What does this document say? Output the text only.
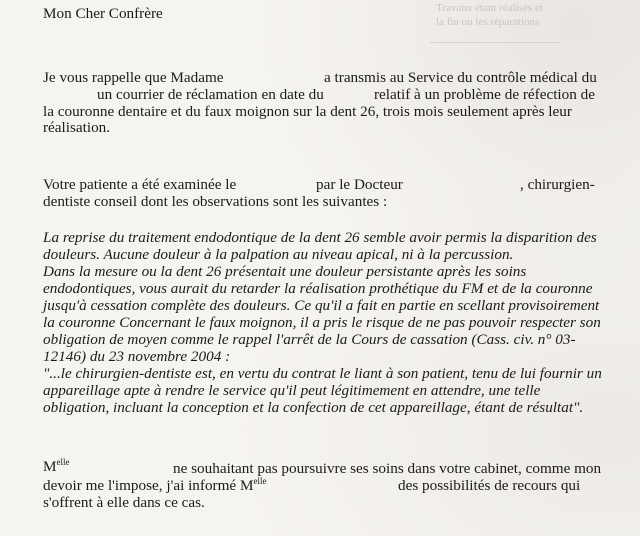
Travaux étant réalisés et
la fin ou les réparations
Mon Cher Confrère
Je vous rappelle que Madame	a transmis au Service du contrôle médical du
un courrier de réclamation en date du	relatif à un problème de réfection de
la couronne dentaire et du faux moignon sur la dent 26, trois mois seulement après leur
réalisation.
Votre patiente a été examinée le	par le Docteur	, chirurgien-
dentiste conseil dont les observations sont les suivantes :
La reprise du traitement endodontique de la dent 26 semble avoir permis la disparition des
douleurs. Aucune douleur à la palpation au niveau apical, ni à la percussion.
Dans la mesure ou la dent 26 présentait une douleur persistante après les soins
endodontiques, vous aurait du retarder la réalisation prothétique du FM et de la couronne
jusqu'à cessation complète des douleurs. Ce qu'il a fait en partie en scellant provisoirement
la couronne Concernant le faux moignon, il a pris le risque de ne pas pouvoir respecter son
obligation de moyen comme le rappel l'arrêt de la Cours de cassation (Cass. civ. n° 03-
12146) du 23 novembre 2004 :
"...le chirurgien-dentiste est, en vertu du contrat le liant à son patient, tenu de lui fournir un
appareillage apte à rendre le service qu'il peut légitimement en attendre, une telle
obligation, incluant la conception et la confection de cet appareillage, étant de résultat".
$M^{elle}$	ne souhaitant pas poursuivre ses soins dans votre cabinet, comme mon
devoir me l'impose, j'ai informé $M^{elle}$	des possibilités de recours qui
s'offrent à elle dans ce cas.
